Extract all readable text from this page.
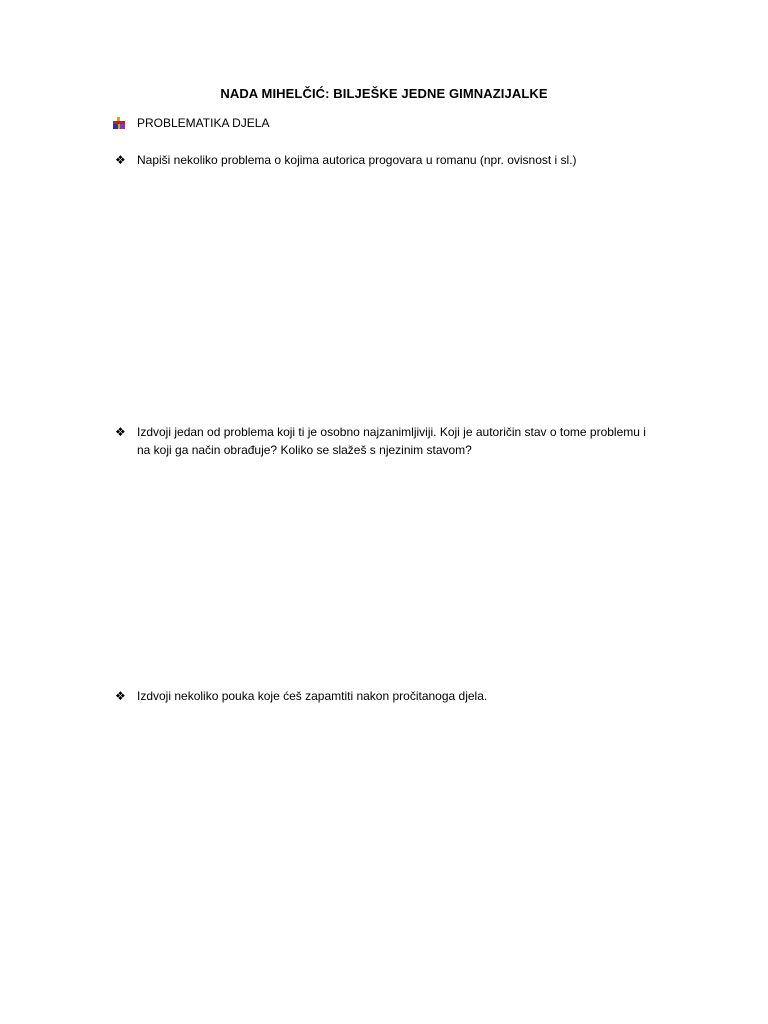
NADA MIHELČIĆ: BILJEŠKE JEDNE GIMNAZIJALKE
PROBLEMATIKA DJELA
❖ Napiši nekoliko problema o kojima autorica progovara u romanu (npr. ovisnost i sl.)
❖ Izdvoji jedan od problema koji ti je osobno najzanimljiviji. Koji je autoričin stav o tome problemu i na koji ga način obrađuje? Koliko se slažeš s njezinim stavom?
❖ Izdvoji nekoliko pouka koje ćeš zapamtiti nakon pročitanoga djela.
